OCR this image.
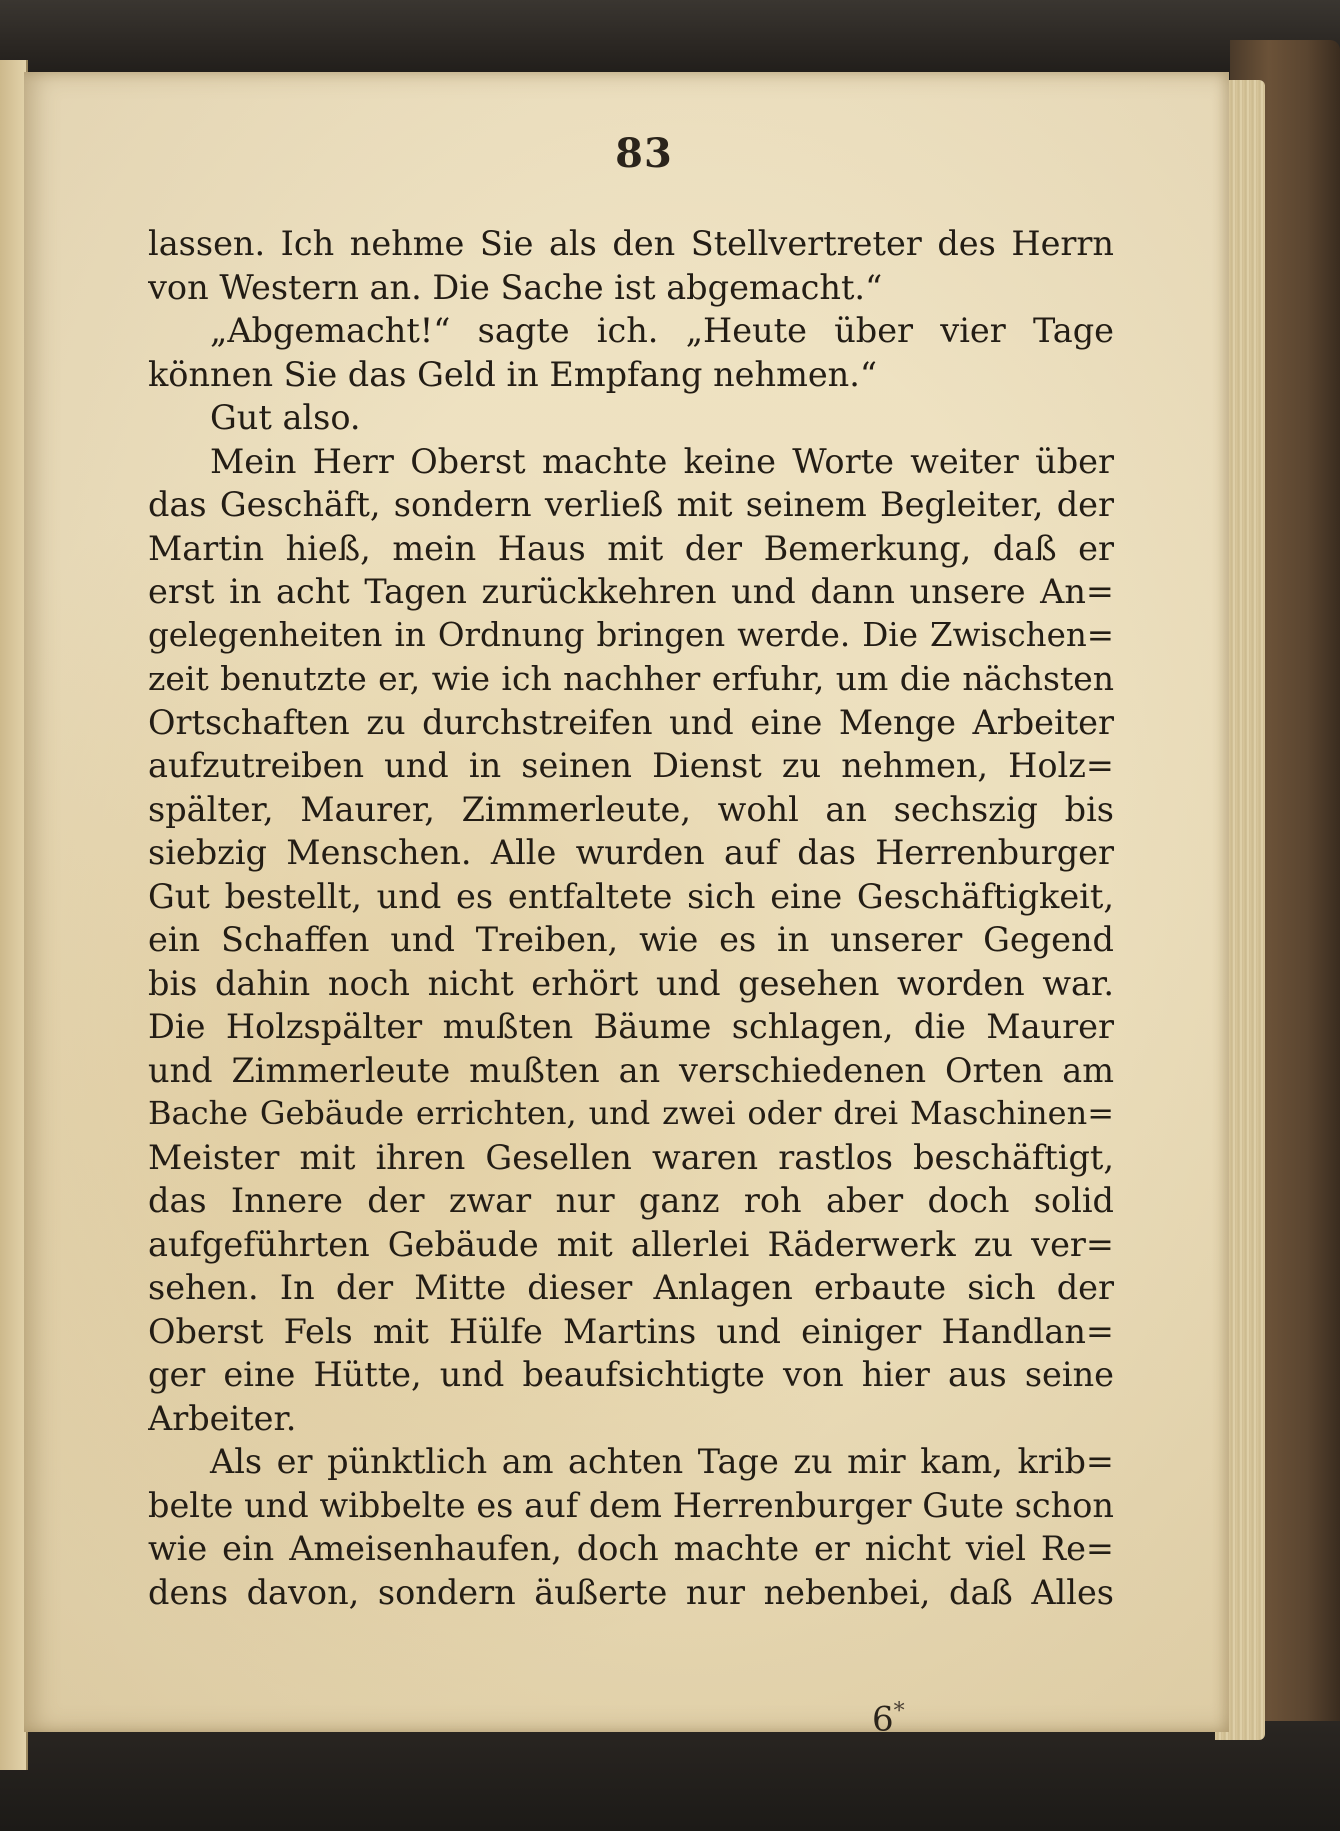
83
lassen. Ich nehme Sie als den Stellvertreter des Herrn
von Western an. Die Sache ist abgemacht.“
„Abgemacht!“ sagte ich. „Heute über vier Tage
können Sie das Geld in Empfang nehmen.“
Gut also.
Mein Herr Oberst machte keine Worte weiter über
das Geschäft, sondern verließ mit seinem Begleiter, der
Martin hieß, mein Haus mit der Bemerkung, daß er
erst in acht Tagen zurückkehren und dann unsere An=
gelegenheiten in Ordnung bringen werde. Die Zwischen=
zeit benutzte er, wie ich nachher erfuhr, um die nächsten
Ortschaften zu durchstreifen und eine Menge Arbeiter
aufzutreiben und in seinen Dienst zu nehmen, Holz=
spälter, Maurer, Zimmerleute, wohl an sechszig bis
siebzig Menschen. Alle wurden auf das Herrenburger
Gut bestellt, und es entfaltete sich eine Geschäftigkeit,
ein Schaffen und Treiben, wie es in unserer Gegend
bis dahin noch nicht erhört und gesehen worden war.
Die Holzspälter mußten Bäume schlagen, die Maurer
und Zimmerleute mußten an verschiedenen Orten am
Bache Gebäude errichten, und zwei oder drei Maschinen=
Meister mit ihren Gesellen waren rastlos beschäftigt,
das Innere der zwar nur ganz roh aber doch solid
aufgeführten Gebäude mit allerlei Räderwerk zu ver=
sehen. In der Mitte dieser Anlagen erbaute sich der
Oberst Fels mit Hülfe Martins und einiger Handlan=
ger eine Hütte, und beaufsichtigte von hier aus seine
Arbeiter.
Als er pünktlich am achten Tage zu mir kam, krib=
belte und wibbelte es auf dem Herrenburger Gute schon
wie ein Ameisenhaufen, doch machte er nicht viel Re=
dens davon, sondern äußerte nur nebenbei, daß Alles
6*
